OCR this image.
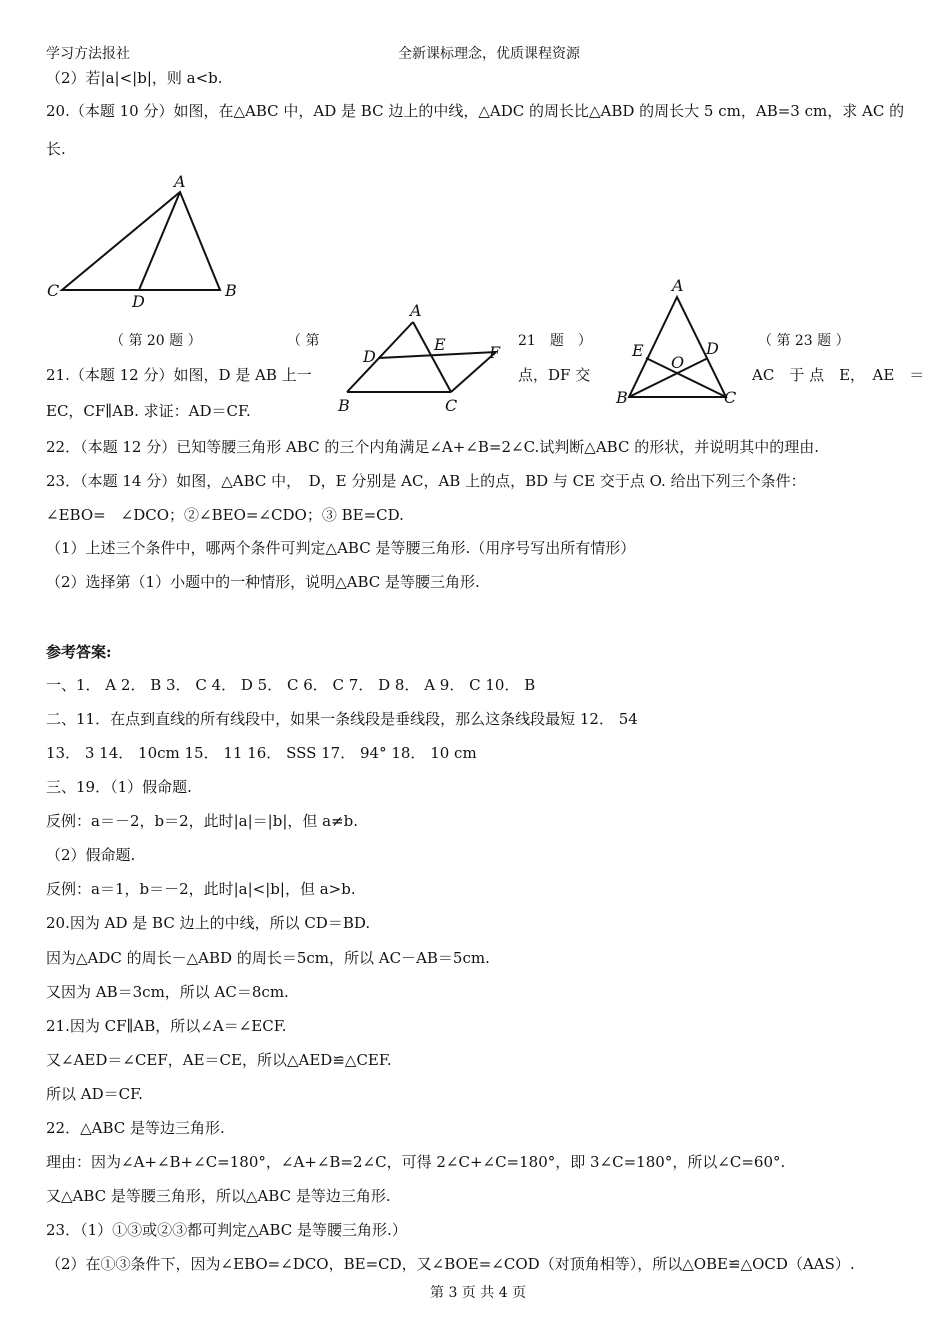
学习方法报社	全新课标理念，优质课程资源
（2）若|a|<|b|，则 a<b.
20.（本题 10 分）如图，在△ABC 中，AD 是 BC 边上的中线，△ADC 的周长比△ABD 的周长大 5 cm，AB=3 cm，求 AC 的
长.
A
C
D
B
A
D
E	F
B	C
A
E
O
D
B	C
（ 第 20 题 ）	（ 第	21　题　）	（ 第 23 题 ）
21.（本题 12 分）如图，D 是 AB 上一	点，DF 交	AC　于 点　E，　AE　＝
EC，CF∥AB. 求证：AD＝CF.
22．（本题 12 分）已知等腰三角形 ABC 的三个内角满足∠A+∠B=2∠C.试判断△ABC 的形状，并说明其中的理由.
23．（本题 14 分）如图，△ABC 中，　D，E 分别是 AC，AB 上的点，BD 与 CE 交于点 O. 给出下列三个条件：
∠EBO=　∠DCO；②∠BEO=∠CDO；③ BE=CD.
（1）上述三个条件中，哪两个条件可判定△ABC 是等腰三角形.（用序号写出所有情形）
（2）选择第（1）小题中的一种情形，说明△ABC 是等腰三角形.
参考答案:
一、1． A 2． B 3． C 4． D 5． C 6． C 7． D 8． A 9． C 10． B
二、11．在点到直线的所有线段中，如果一条线段是垂线段，那么这条线段最短 12． 54
13． 3 14． 10cm 15． 11 16． SSS 17． 94° 18． 10 cm
三、19．（1）假命题.
反例：a＝－2，b＝2，此时|a|＝|b|，但 a≠b.
（2）假命题.
反例：a＝1，b＝－2，此时|a|<|b|，但 a>b.
20.因为 AD 是 BC 边上的中线，所以 CD＝BD.
因为△ADC 的周长－△ABD 的周长＝5cm，所以 AC－AB＝5cm.
又因为 AB＝3cm，所以 AC＝8cm.
21.因为 CF∥AB，所以∠A＝∠ECF.
又∠AED＝∠CEF，AE＝CE，所以△AED≌△CEF.
所以 AD＝CF.
22．△ABC 是等边三角形.
理由：因为∠A+∠B+∠C=180°，∠A+∠B=2∠C，可得 2∠C+∠C=180°，即 3∠C=180°，所以∠C=60°.
又△ABC 是等腰三角形，所以△ABC 是等边三角形.
23．（1）①③或②③都可判定△ABC 是等腰三角形.）
（2）在①③条件下，因为∠EBO=∠DCO，BE=CD，又∠BOE=∠COD（对顶角相等），所以△OBE≌△OCD（AAS）.
第 3 页 共 4 页
